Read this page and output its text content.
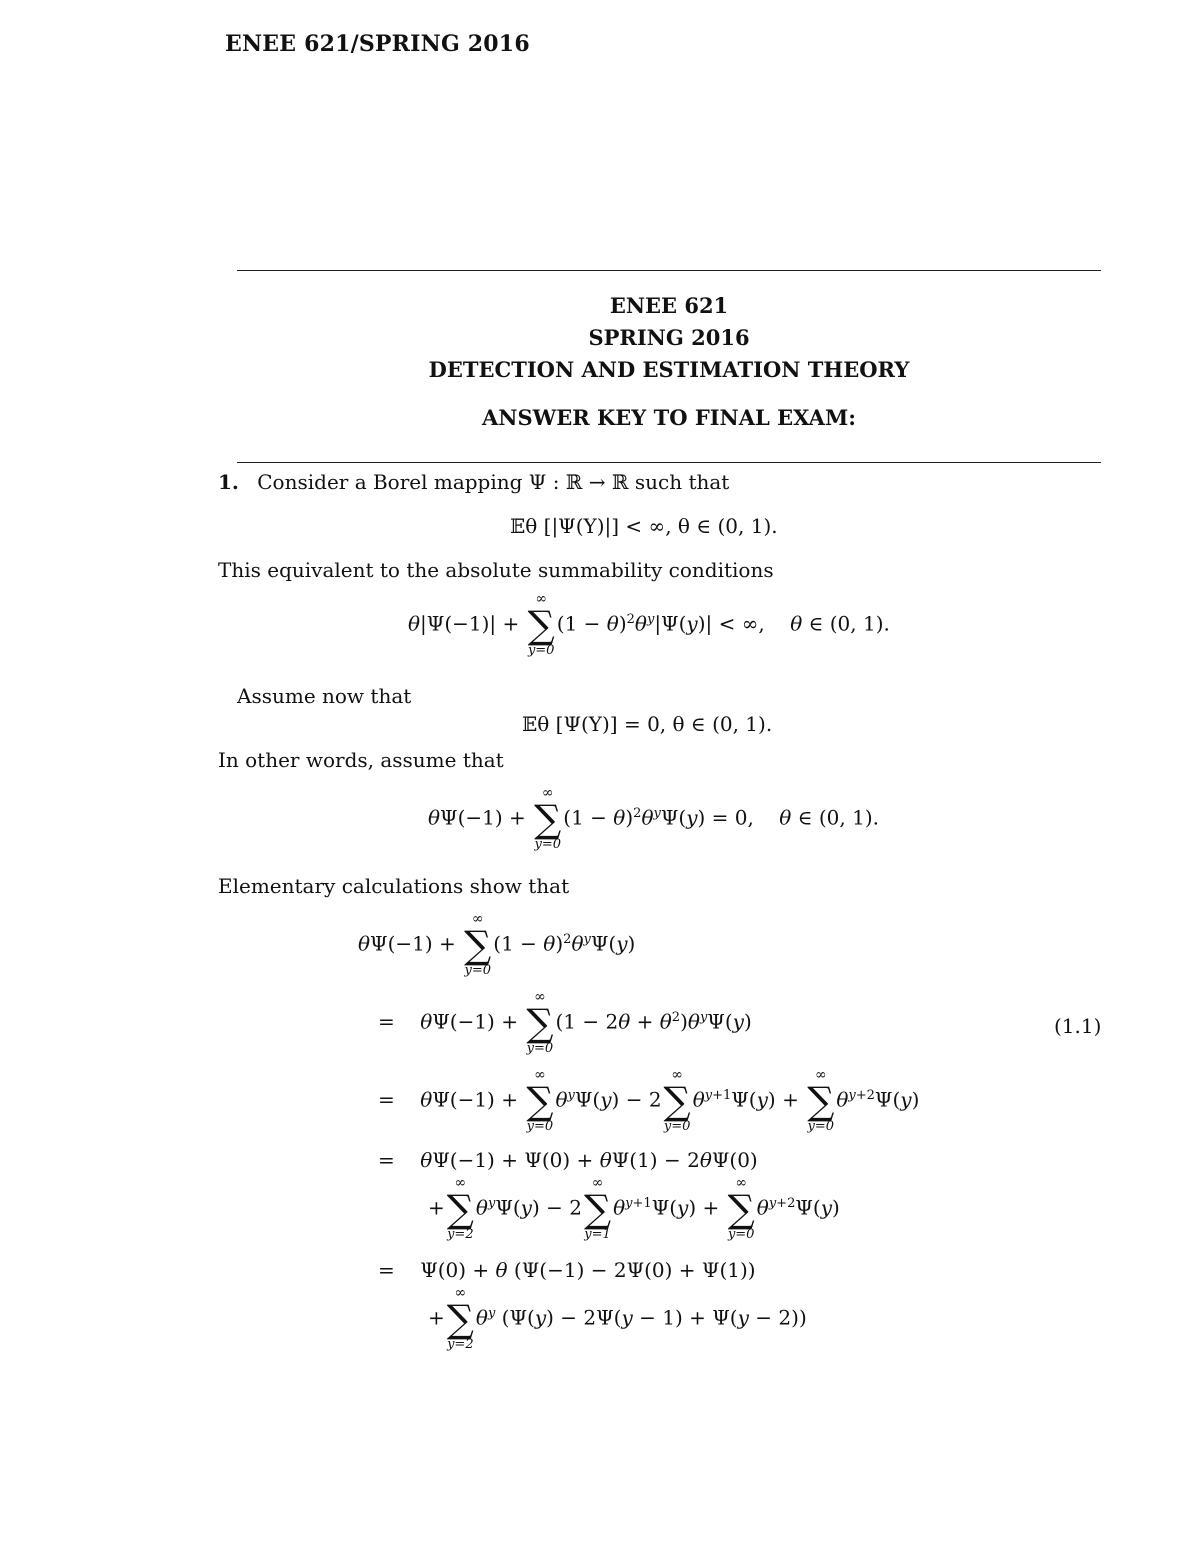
ENEE 621/SPRING 2016
ENEE 621
SPRING 2016
DETECTION AND ESTIMATION THEORY
ANSWER KEY TO FINAL EXAM:
1. Consider a Borel mapping Ψ : ℝ → ℝ such that
𝔼θ [|Ψ(Y)|] < ∞, θ ∈ (0, 1).
This equivalent to the absolute summability conditions
θ|Ψ(−1)| +
∞
∑
y=0
$(1 - \theta)^2\theta^y|\Psi(y)|$ < ∞,    θ ∈ (0, 1).
Assume now that
𝔼θ [Ψ(Y)] = 0, θ ∈ (0, 1).
In other words, assume that
θΨ(−1) +
∞
∑
y=0
$(1 - \theta)^2\theta^y\Psi(y) = 0$,    θ ∈ (0, 1).
Elementary calculations show that
θΨ(−1) +
∞
∑
y=0
$(1 - \theta)^2\theta^y\Psi(y)$
=    θΨ(−1) +
∞
∑
y=0
$(1 - 2\theta + \theta^2)\theta^y\Psi(y)$	(1.1)
=    θΨ(−1) +
∞
∑
y=0
$\theta^y\Psi(y) - 2$
∞
∑
y=0
$\theta^{y+1}\Psi(y)$ +
∞
∑
y=0
$\theta^{y+2}\Psi(y)$
=    θΨ(−1) + Ψ(0) + θΨ(1) − 2θΨ(0)
+
∞
∑
y=2
$\theta^y\Psi(y) - 2$
∞
∑
y=1
$\theta^{y+1}\Psi(y)$ +
∞
∑
y=0
$\theta^{y+2}\Psi(y)$
=    Ψ(0) + θ (Ψ(−1) − 2Ψ(0) + Ψ(1))
+
∞
∑
y=2
$\theta^y$ (Ψ(y) − 2Ψ(y − 1) + Ψ(y − 2))
